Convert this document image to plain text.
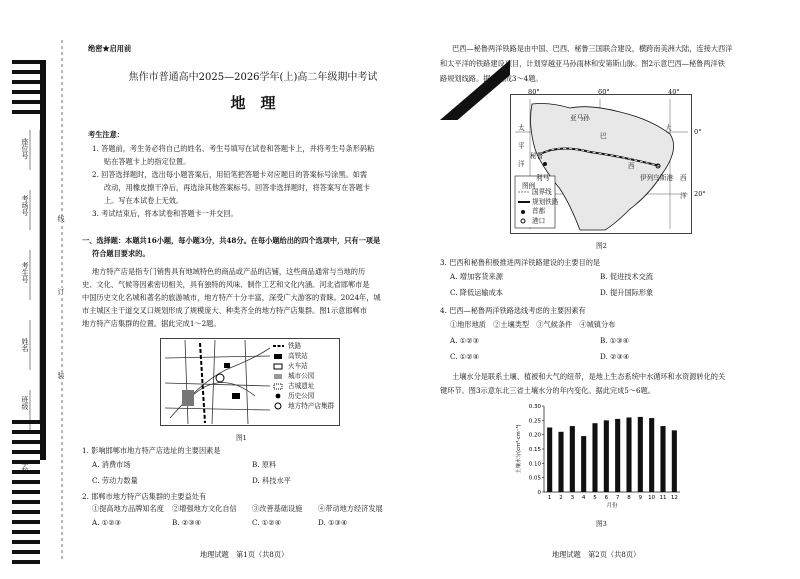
座位号
考场号
考生号
姓名
班级
学校
线
订
装
绝密★启用前
焦作市普通高中2025—2026学年(上)高二年级期中考试
地　理
考生注意：
1. 答题前，考生务必将自己的姓名、考生号填写在试卷和答题卡上，并将考生号条形码粘
贴在答题卡上的指定位置。
2. 回答选择题时，选出每小题答案后，用铅笔把答题卡对应题目的答案标号涂黑。如需
改动，用橡皮擦干净后，再选涂其他答案标号。回答非选择题时，将答案写在答题卡
上。写在本试卷上无效。
3. 考试结束后，将本试卷和答题卡一并交回。
一、选择题：本题共16小题，每小题3分，共48分。在每小题给出的四个选项中，只有一项是
符合题目要求的。
地方特产店是指专门销售具有地域特色的商品或产品的店铺，这些商品通常与当地的历
史、文化、气候等因素密切相关，具有独特的风味、制作工艺和文化内涵。河北省邯郸市是
中国历史文化名城和著名的旅游城市，地方特产十分丰富，深受广大游客的青睐。2024年，城
市主城区主干道交叉口规划形成了规模庞大、种类齐全的地方特产店集群。图1示意邯郸市
地方特产店集群的位置。据此完成1～2题。
铁路
高铁站
火车站
城市公园
古城遗址
历史公园
地方特产店集群
图1
1. 影响邯郸市地方特产店选址的主要因素是
A. 消费市场	B. 原料
C. 劳动力数量	D. 科技水平
2. 邯郸市地方特产店集群的主要益处有
①提高地方品牌知名度 ②增强地方文化自信 ③改善基础设施 ④带动地方经济发展
A. ①②③	B. ②③④	C. ①②④	D. ①③④
地理试题　第1页（共8页）
巴西—秘鲁两洋铁路是由中国、巴西、秘鲁三国联合建设，横跨南美洲大陆，连接大西洋
和太平洋的铁路建设项目，计划穿越亚马孙雨林和安第斯山脉。图2示意巴西—秘鲁两洋铁
路规划线路。据此完成3～4题。
80°	60°	40°
0°
20°
太
平
洋
大
西
洋
巴
西
秘鲁
亚马孙
伊列乌斯港
利马
图例
国界线
规划铁路
首都
港口
图2
3. 巴西和秘鲁积极推进两洋铁路建设的主要目的是
A. 增加客货来源	B. 促进技术交流
C. 降低运输成本	D. 提升国际形象
4. 巴西—秘鲁两洋铁路选线考虑的主要因素有
①地形地质　②土壤类型　③气候条件　④城镇分布
A. ①②③	B. ①③④
C. ①②④	D. ②③④
土壤水分是联系土壤、植被和大气的纽带，是地上生态系统中水循环和水资源转化的关
键环节。图3示意东北三省土壤水分的年内变化。据此完成5～6题。
0
0.05
0.10
0.15
0.20
0.25
0.30
1 2 3 4 5 6 7 8 9 10 11 12
月份
土壤水分(cm³·cm⁻³)
图3
地理试题　第2页（共8页）
